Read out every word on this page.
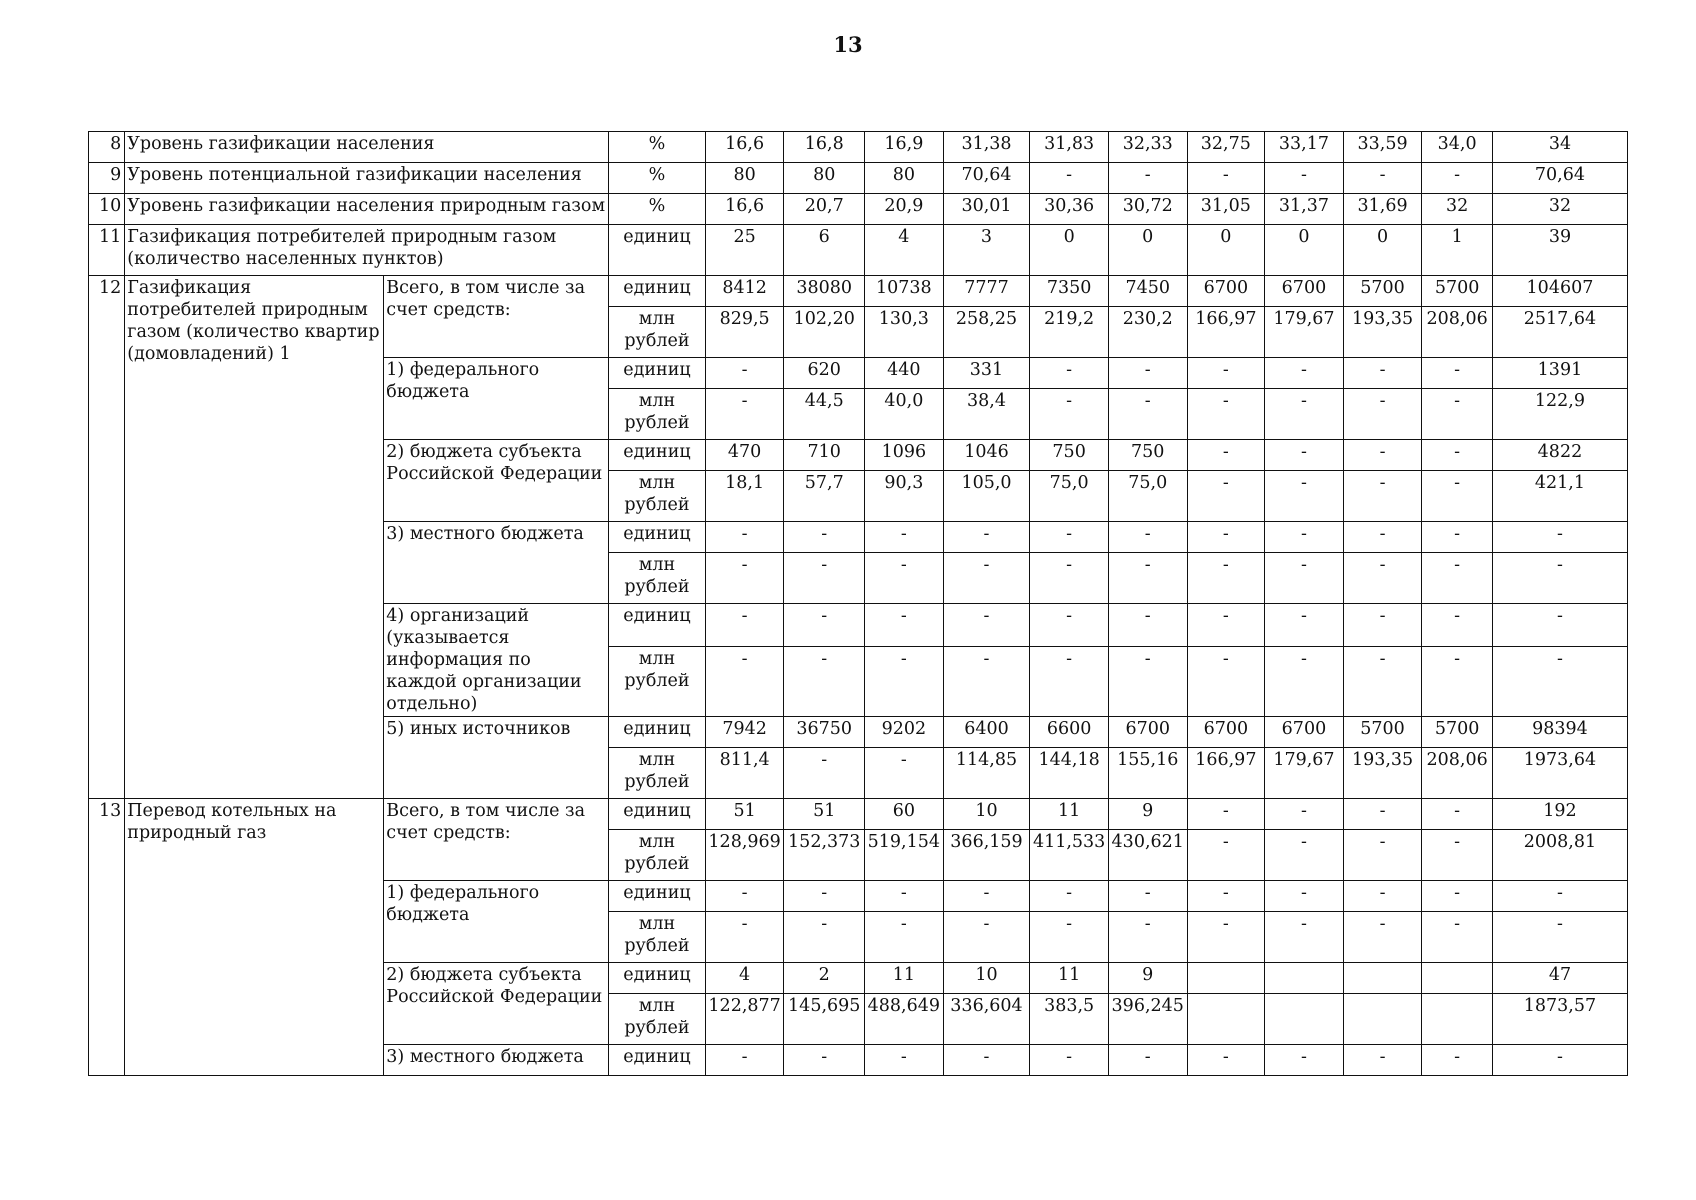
13
8	Уровень газификации населения		%	16,6	16,8	16,9	31,38	31,83	32,33	32,75	33,17	33,59	34,0	34
9	Уровень потенциальной газификации населения		%	80	80	80	70,64	-	-	-	-	-	-	70,64
10	Уровень газификации населения природным газом		%	16,6	20,7	20,9	30,01	30,36	30,72	31,05	31,37	31,69	32	32
11	Газификация потребителей природным газом (количество населенных пунктов)		единиц	25	6	4	3	0	0	0	0	0	1	39
12	Газификация потребителей природным газом (количество квартир (домовладений) 1	Всего, в том числе за счет средств:	единиц	8412	38080	10738	7777	7350	7450	6700	6700	5700	5700	104607
			млн рублей	829,5	102,20	130,3	258,25	219,2	230,2	166,97	179,67	193,35	208,06	2517,64
		1) федерального бюджета	единиц	-	620	440	331	-	-	-	-	-	-	1391
			млн рублей	-	44,5	40,0	38,4	-	-	-	-	-	-	122,9
		2) бюджета субъекта Российской Федерации	единиц	470	710	1096	1046	750	750	-	-	-	-	4822
			млн рублей	18,1	57,7	90,3	105,0	75,0	75,0	-	-	-	-	421,1
		3) местного бюджета	единиц	-	-	-	-	-	-	-	-	-	-	-
			млн рублей	-	-	-	-	-	-	-	-	-	-	-
		4) организаций (указывается информация по каждой организации отдельно)	единиц	-	-	-	-	-	-	-	-	-	-	-
			млн рублей	-	-	-	-	-	-	-	-	-	-	-
		5) иных источников	единиц	7942	36750	9202	6400	6600	6700	6700	6700	5700	5700	98394
			млн рублей	811,4	-	-	114,85	144,18	155,16	166,97	179,67	193,35	208,06	1973,64
13	Перевод котельных на природный газ	Всего, в том числе за счет средств:	единиц	51	51	60	10	11	9	-	-	-	-	192
			млн рублей	128,969	152,373	519,154	366,159	411,533	430,621	-	-	-	-	2008,81
		1) федерального бюджета	единиц	-	-	-	-	-	-	-	-	-	-	-
			млн рублей	-	-	-	-	-	-	-	-	-	-	-
		2) бюджета субъекта Российской Федерации	единиц	4	2	11	10	11	9					47
			млн рублей	122,877	145,695	488,649	336,604	383,5	396,245					1873,57
		3) местного бюджета	единиц	-	-	-	-	-	-	-	-	-	-	-
